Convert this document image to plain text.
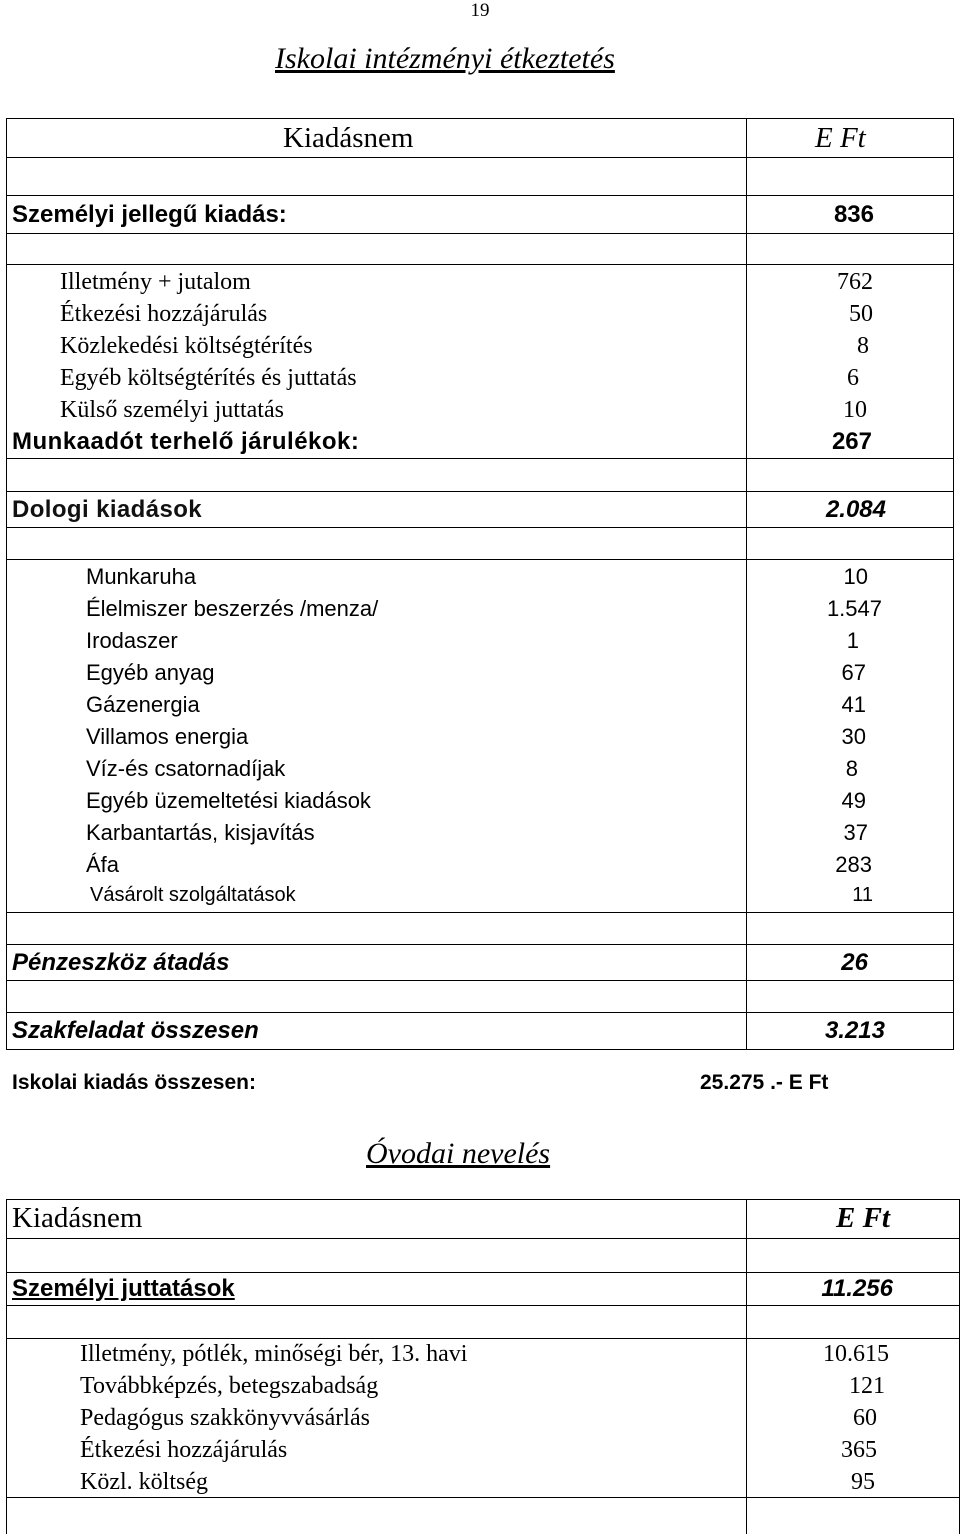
19
Iskolai intézményi étkeztetés
Kiadásnem	E Ft
Személyi jellegű kiadás:	836
Illetmény + jutalom	762
Étkezési hozzájárulás	50
Közlekedési költségtérítés	8
Egyéb költségtérítés és juttatás	6
Külső személyi juttatás	10
Munkaadót terhelő járulékok:	267
Dologi kiadások	2.084
Munkaruha	10
Élelmiszer beszerzés /menza/	1.547
Irodaszer	1
Egyéb anyag	67
Gázenergia	41
Villamos energia	30
Víz-és csatornadíjak	8
Egyéb üzemeltetési kiadások	49
Karbantartás, kisjavítás	37
Áfa	283
Vásárolt szolgáltatások	11
Pénzeszköz átadás	26
Szakfeladat összesen	3.213
Iskolai kiadás összesen:	25.275 .- E Ft
Óvodai nevelés
Kiadásnem	E Ft
Személyi juttatások	11.256
Illetmény, pótlék, minőségi bér, 13. havi	10.615
Továbbképzés, betegszabadság	121
Pedagógus szakkönyvvásárlás	60
Étkezési hozzájárulás	365
Közl. költség	95
